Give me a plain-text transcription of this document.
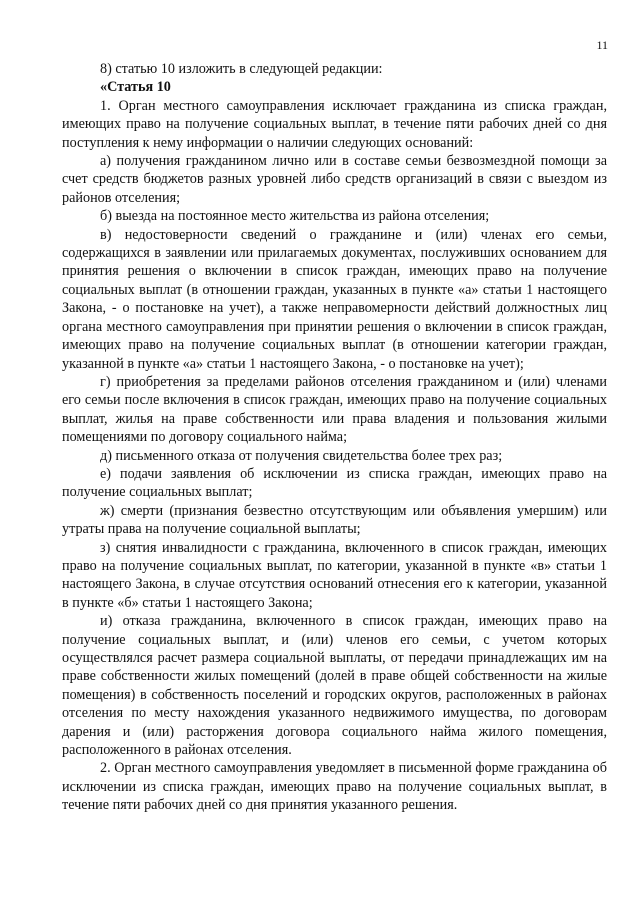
11

8) статью 10 изложить в следующей редакции:

«Статья 10

1. Орган местного самоуправления исключает гражданина из списка граждан, имеющих право на получение социальных выплат, в течение пяти рабочих дней со дня поступления к нему информации о наличии следующих оснований:

а) получения гражданином лично или в составе семьи безвозмездной помощи за счет средств бюджетов разных уровней либо средств организаций в связи с выездом из районов отселения;

б) выезда на постоянное место жительства из района отселения;

в) недостоверности сведений о гражданине и (или) членах его семьи, содержащихся в заявлении или прилагаемых документах, послуживших основанием для принятия решения о включении в список граждан, имеющих право на получение социальных выплат (в отношении граждан, указанных в пункте «а» статьи 1 настоящего Закона, - о постановке на учет), а также неправомерности действий должностных лиц органа местного самоуправления при принятии решения о включении в список граждан, имеющих право на получение социальных выплат (в отношении категории граждан, указанной в пункте «а» статьи 1 настоящего Закона, - о постановке на учет);

г) приобретения за пределами районов отселения гражданином и (или) членами его семьи после включения в список граждан, имеющих право на получение социальных выплат, жилья на праве собственности или права владения и пользования жилыми помещениями по договору социального найма;

д) письменного отказа от получения свидетельства более трех раз;

е) подачи заявления об исключении из списка граждан, имеющих право на получение социальных выплат;

ж) смерти (признания безвестно отсутствующим или объявления умершим) или утраты права на получение социальной выплаты;

з) снятия инвалидности с гражданина, включенного в список граждан, имеющих право на получение социальных выплат, по категории, указанной в пункте «в» статьи 1 настоящего Закона, в случае отсутствия оснований отнесения его к категории, указанной в пункте «б» статьи 1 настоящего Закона;

и) отказа гражданина, включенного в список граждан, имеющих право на получение социальных выплат, и (или) членов его семьи, с учетом которых осуществлялся расчет размера социальной выплаты, от передачи принадлежащих им на праве собственности жилых помещений (долей в праве общей собственности на жилые помещения) в собственность поселений и городских округов, расположенных в районах отселения по месту нахождения указанного недвижимого имущества, по договорам дарения и (или) расторжения договора социального найма жилого помещения, расположенного в районах отселения.

2. Орган местного самоуправления уведомляет в письменной форме гражданина об исключении из списка граждан, имеющих право на получение социальных выплат, в течение пяти рабочих дней со дня принятия указанного решения.
